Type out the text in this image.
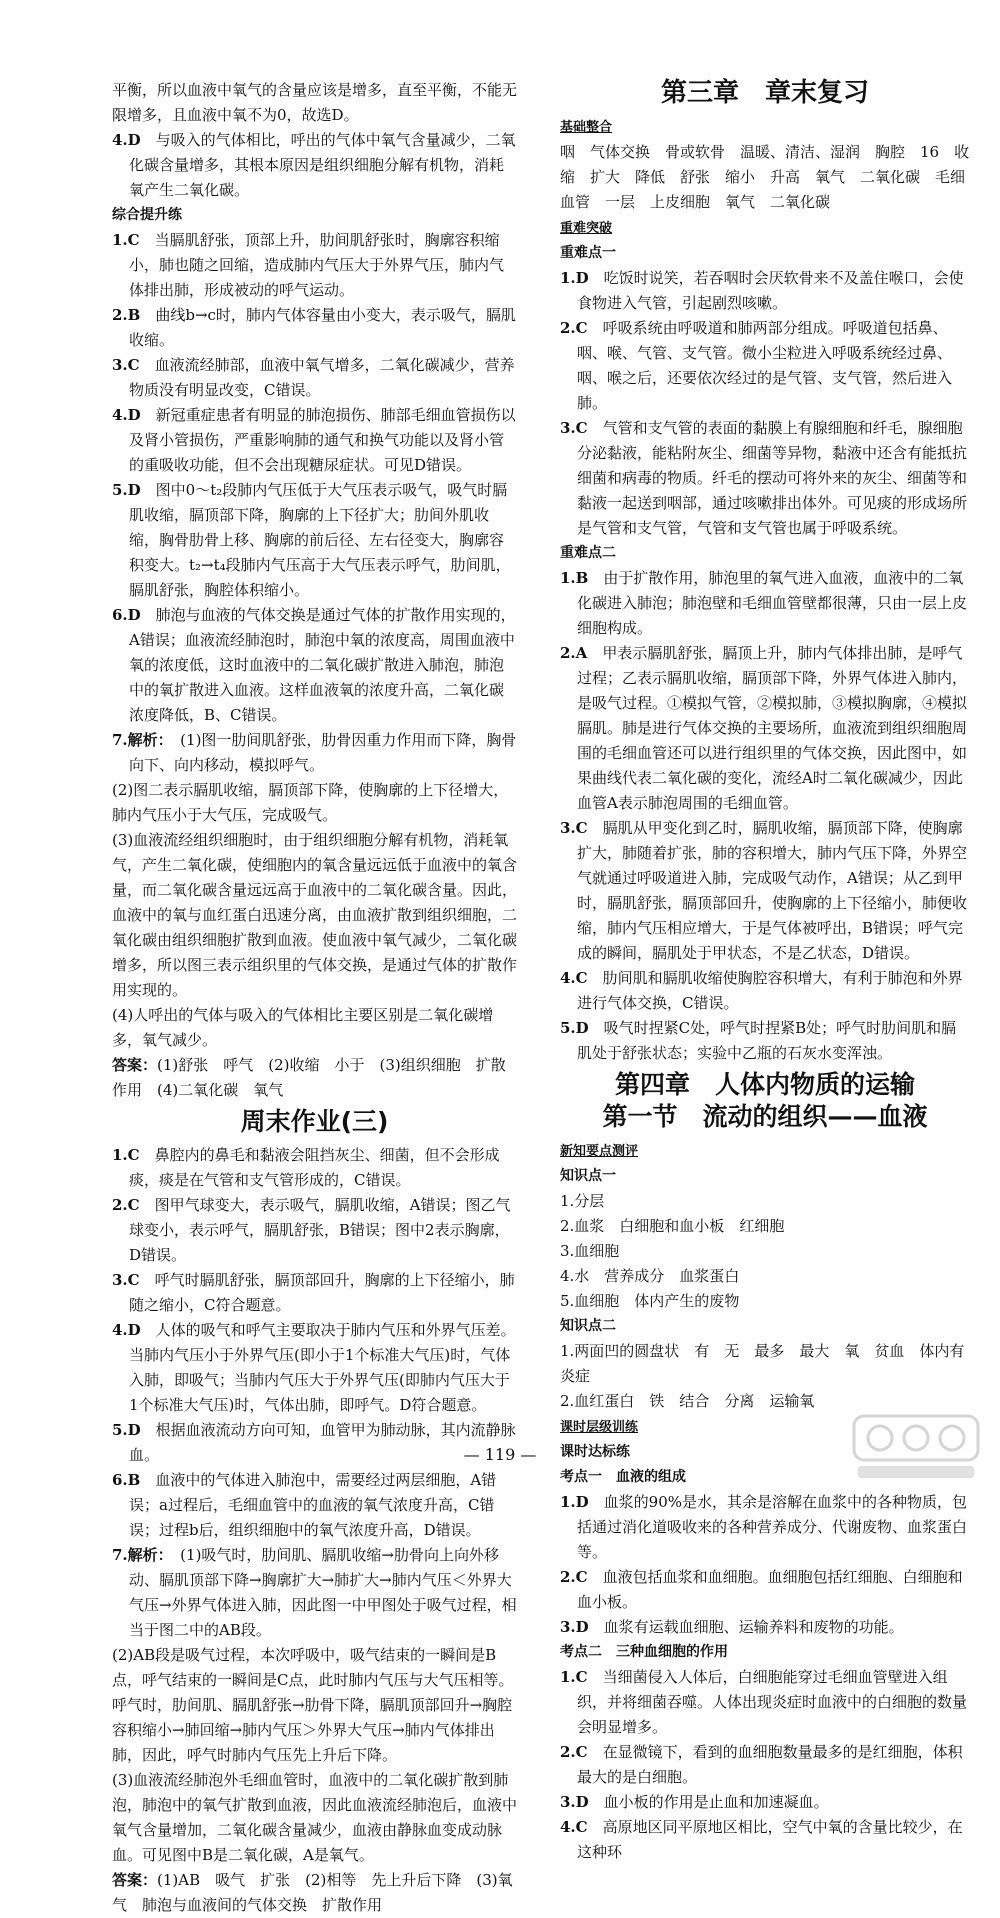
平衡，所以血液中氧气的含量应该是增多，直至平衡，不能无限增多，且血液中氧不为0，故选D。

4.D　与吸入的气体相比，呼出的气体中氧气含量减少，二氧化碳含量增多，其根本原因是组织细胞分解有机物，消耗氧产生二氧化碳。

综合提升练

1.C　当膈肌舒张，顶部上升，肋间肌舒张时，胸廓容积缩小，肺也随之回缩，造成肺内气压大于外界气压，肺内气体排出肺，形成被动的呼气运动。

2.B　曲线b→c时，肺内气体容量由小变大，表示吸气，膈肌收缩。

3.C　血液流经肺部，血液中氧气增多，二氧化碳减少，营养物质没有明显改变，C错误。

4.D　新冠重症患者有明显的肺泡损伤、肺部毛细血管损伤以及肾小管损伤，严重影响肺的通气和换气功能以及肾小管的重吸收功能，但不会出现糖尿症状。可见D错误。

5.D　图中0～t₂段肺内气压低于大气压表示吸气，吸气时膈肌收缩，膈顶部下降，胸廓的上下径扩大；肋间外肌收缩，胸骨肋骨上移、胸廓的前后径、左右径变大，胸廓容积变大。t₂→t₄段肺内气压高于大气压表示呼气，肋间肌，膈肌舒张，胸腔体积缩小。

6.D　肺泡与血液的气体交换是通过气体的扩散作用实现的，A错误；血液流经肺泡时，肺泡中氧的浓度高，周围血液中氧的浓度低，这时血液中的二氧化碳扩散进入肺泡，肺泡中的氧扩散进入血液。这样血液氧的浓度升高，二氧化碳浓度降低，B、C错误。

7.解析：　(1)图一肋间肌舒张，肋骨因重力作用而下降，胸骨向下、向内移动，模拟呼气。

(2)图二表示膈肌收缩，膈顶部下降，使胸廓的上下径增大，肺内气压小于大气压，完成吸气。

(3)血液流经组织细胞时，由于组织细胞分解有机物，消耗氧气，产生二氧化碳，使细胞内的氧含量远远低于血液中的氧含量，而二氧化碳含量远远高于血液中的二氧化碳含量。因此，血液中的氧与血红蛋白迅速分离，由血液扩散到组织细胞，二氧化碳由组织细胞扩散到血液。使血液中氧气减少，二氧化碳增多，所以图三表示组织里的气体交换，是通过气体的扩散作用实现的。

(4)人呼出的气体与吸入的气体相比主要区别是二氧化碳增多，氧气减少。

答案：(1)舒张　呼气　(2)收缩　小于　(3)组织细胞　扩散作用　(4)二氧化碳　氧气

周末作业(三)

1.C　鼻腔内的鼻毛和黏液会阻挡灰尘、细菌，但不会形成痰，痰是在气管和支气管形成的，C错误。

2.C　图甲气球变大，表示吸气，膈肌收缩，A错误；图乙气球变小，表示呼气，膈肌舒张，B错误；图中2表示胸廓，D错误。

3.C　呼气时膈肌舒张，膈顶部回升，胸廓的上下径缩小，肺随之缩小，C符合题意。

4.D　人体的吸气和呼气主要取决于肺内气压和外界气压差。当肺内气压小于外界气压(即小于1个标准大气压)时，气体入肺，即吸气；当肺内气压大于外界气压(即肺内气压大于1个标准大气压)时，气体出肺，即呼气。D符合题意。

5.D　根据血液流动方向可知，血管甲为肺动脉，其内流静脉血。

6.B　血液中的气体进入肺泡中，需要经过两层细胞，A错误；a过程后，毛细血管中的血液的氧气浓度升高，C错误；过程b后，组织细胞中的氧气浓度升高，D错误。

7.解析：　(1)吸气时，肋间肌、膈肌收缩→肋骨向上向外移动、膈肌顶部下降→胸廓扩大→肺扩大→肺内气压＜外界大气压→外界气体进入肺，因此图一中甲图处于吸气过程，相当于图二中的AB段。

(2)AB段是吸气过程，本次呼吸中，吸气结束的一瞬间是B点，呼气结束的一瞬间是C点，此时肺内气压与大气压相等。呼气时，肋间肌、膈肌舒张→肋骨下降，膈肌顶部回升→胸腔容积缩小→肺回缩→肺内气压＞外界大气压→肺内气体排出肺，因此，呼气时肺内气压先上升后下降。

(3)血液流经肺泡外毛细血管时，血液中的二氧化碳扩散到肺泡，肺泡中的氧气扩散到血液，因此血液流经肺泡后，血液中氧气含量增加，二氧化碳含量减少，血液由静脉血变成动脉血。可见图中B是二氧化碳，A是氧气。

答案：(1)AB　吸气　扩张　(2)相等　先上升后下降　(3)氧气　肺泡与血液间的气体交换　扩散作用

第三章　章末复习

基础整合

咽　气体交换　骨或软骨　温暖、清洁、湿润　胸腔　16　收缩　扩大　降低　舒张　缩小　升高　氧气　二氧化碳　毛细血管　一层　上皮细胞　氧气　二氧化碳

重难突破

重难点一

1.D　吃饭时说笑，若吞咽时会厌软骨来不及盖住喉口，会使食物进入气管，引起剧烈咳嗽。

2.C　呼吸系统由呼吸道和肺两部分组成。呼吸道包括鼻、咽、喉、气管、支气管。微小尘粒进入呼吸系统经过鼻、咽、喉之后，还要依次经过的是气管、支气管，然后进入肺。

3.C　气管和支气管的表面的黏膜上有腺细胞和纤毛，腺细胞分泌黏液，能粘附灰尘、细菌等异物，黏液中还含有能抵抗细菌和病毒的物质。纤毛的摆动可将外来的灰尘、细菌等和黏液一起送到咽部，通过咳嗽排出体外。可见痰的形成场所是气管和支气管，气管和支气管也属于呼吸系统。

重难点二

1.B　由于扩散作用，肺泡里的氧气进入血液，血液中的二氧化碳进入肺泡；肺泡壁和毛细血管壁都很薄，只由一层上皮细胞构成。

2.A　甲表示膈肌舒张，膈顶上升，肺内气体排出肺，是呼气过程；乙表示膈肌收缩，膈顶部下降，外界气体进入肺内，是吸气过程。①模拟气管，②模拟肺，③模拟胸廓，④模拟膈肌。肺是进行气体交换的主要场所，血液流到组织细胞周围的毛细血管还可以进行组织里的气体交换，因此图中，如果曲线代表二氧化碳的变化，流经A时二氧化碳减少，因此血管A表示肺泡周围的毛细血管。

3.C　膈肌从甲变化到乙时，膈肌收缩，膈顶部下降，使胸廓扩大，肺随着扩张，肺的容积增大，肺内气压下降，外界空气就通过呼吸道进入肺，完成吸气动作，A错误；从乙到甲时，膈肌舒张，膈顶部回升，使胸廓的上下径缩小，肺便收缩，肺内气压相应增大，于是气体被呼出，B错误；呼气完成的瞬间，膈肌处于甲状态，不是乙状态，D错误。

4.C　肋间肌和膈肌收缩使胸腔容积增大，有利于肺泡和外界进行气体交换，C错误。

5.D　吸气时捏紧C处，呼气时捏紧B处；呼气时肋间肌和膈肌处于舒张状态；实验中乙瓶的石灰水变浑浊。

第四章　人体内物质的运输

第一节　流动的组织——血液

新知要点测评

知识点一

1.分层

2.血浆　白细胞和血小板　红细胞

3.血细胞

4.水　营养成分　血浆蛋白

5.血细胞　体内产生的废物

知识点二

1.两面凹的圆盘状　有　无　最多　最大　氧　贫血　体内有炎症

2.血红蛋白　铁　结合　分离　运输氧

课时层级训练

课时达标练

考点一　血液的组成

1.D　血浆的90%是水，其余是溶解在血浆中的各种物质，包括通过消化道吸收来的各种营养成分、代谢废物、血浆蛋白等。

2.C　血液包括血浆和血细胞。血细胞包括红细胞、白细胞和血小板。

3.D　血浆有运载血细胞、运输养料和废物的功能。

考点二　三种血细胞的作用

1.C　当细菌侵入人体后，白细胞能穿过毛细血管壁进入组织，并将细菌吞噬。人体出现炎症时血液中的白细胞的数量会明显增多。

2.C　在显微镜下，看到的血细胞数量最多的是红细胞，体积最大的是白细胞。

3.D　血小板的作用是止血和加速凝血。

4.C　高原地区同平原地区相比，空气中氧的含量比较少，在这种环

— 119 —
